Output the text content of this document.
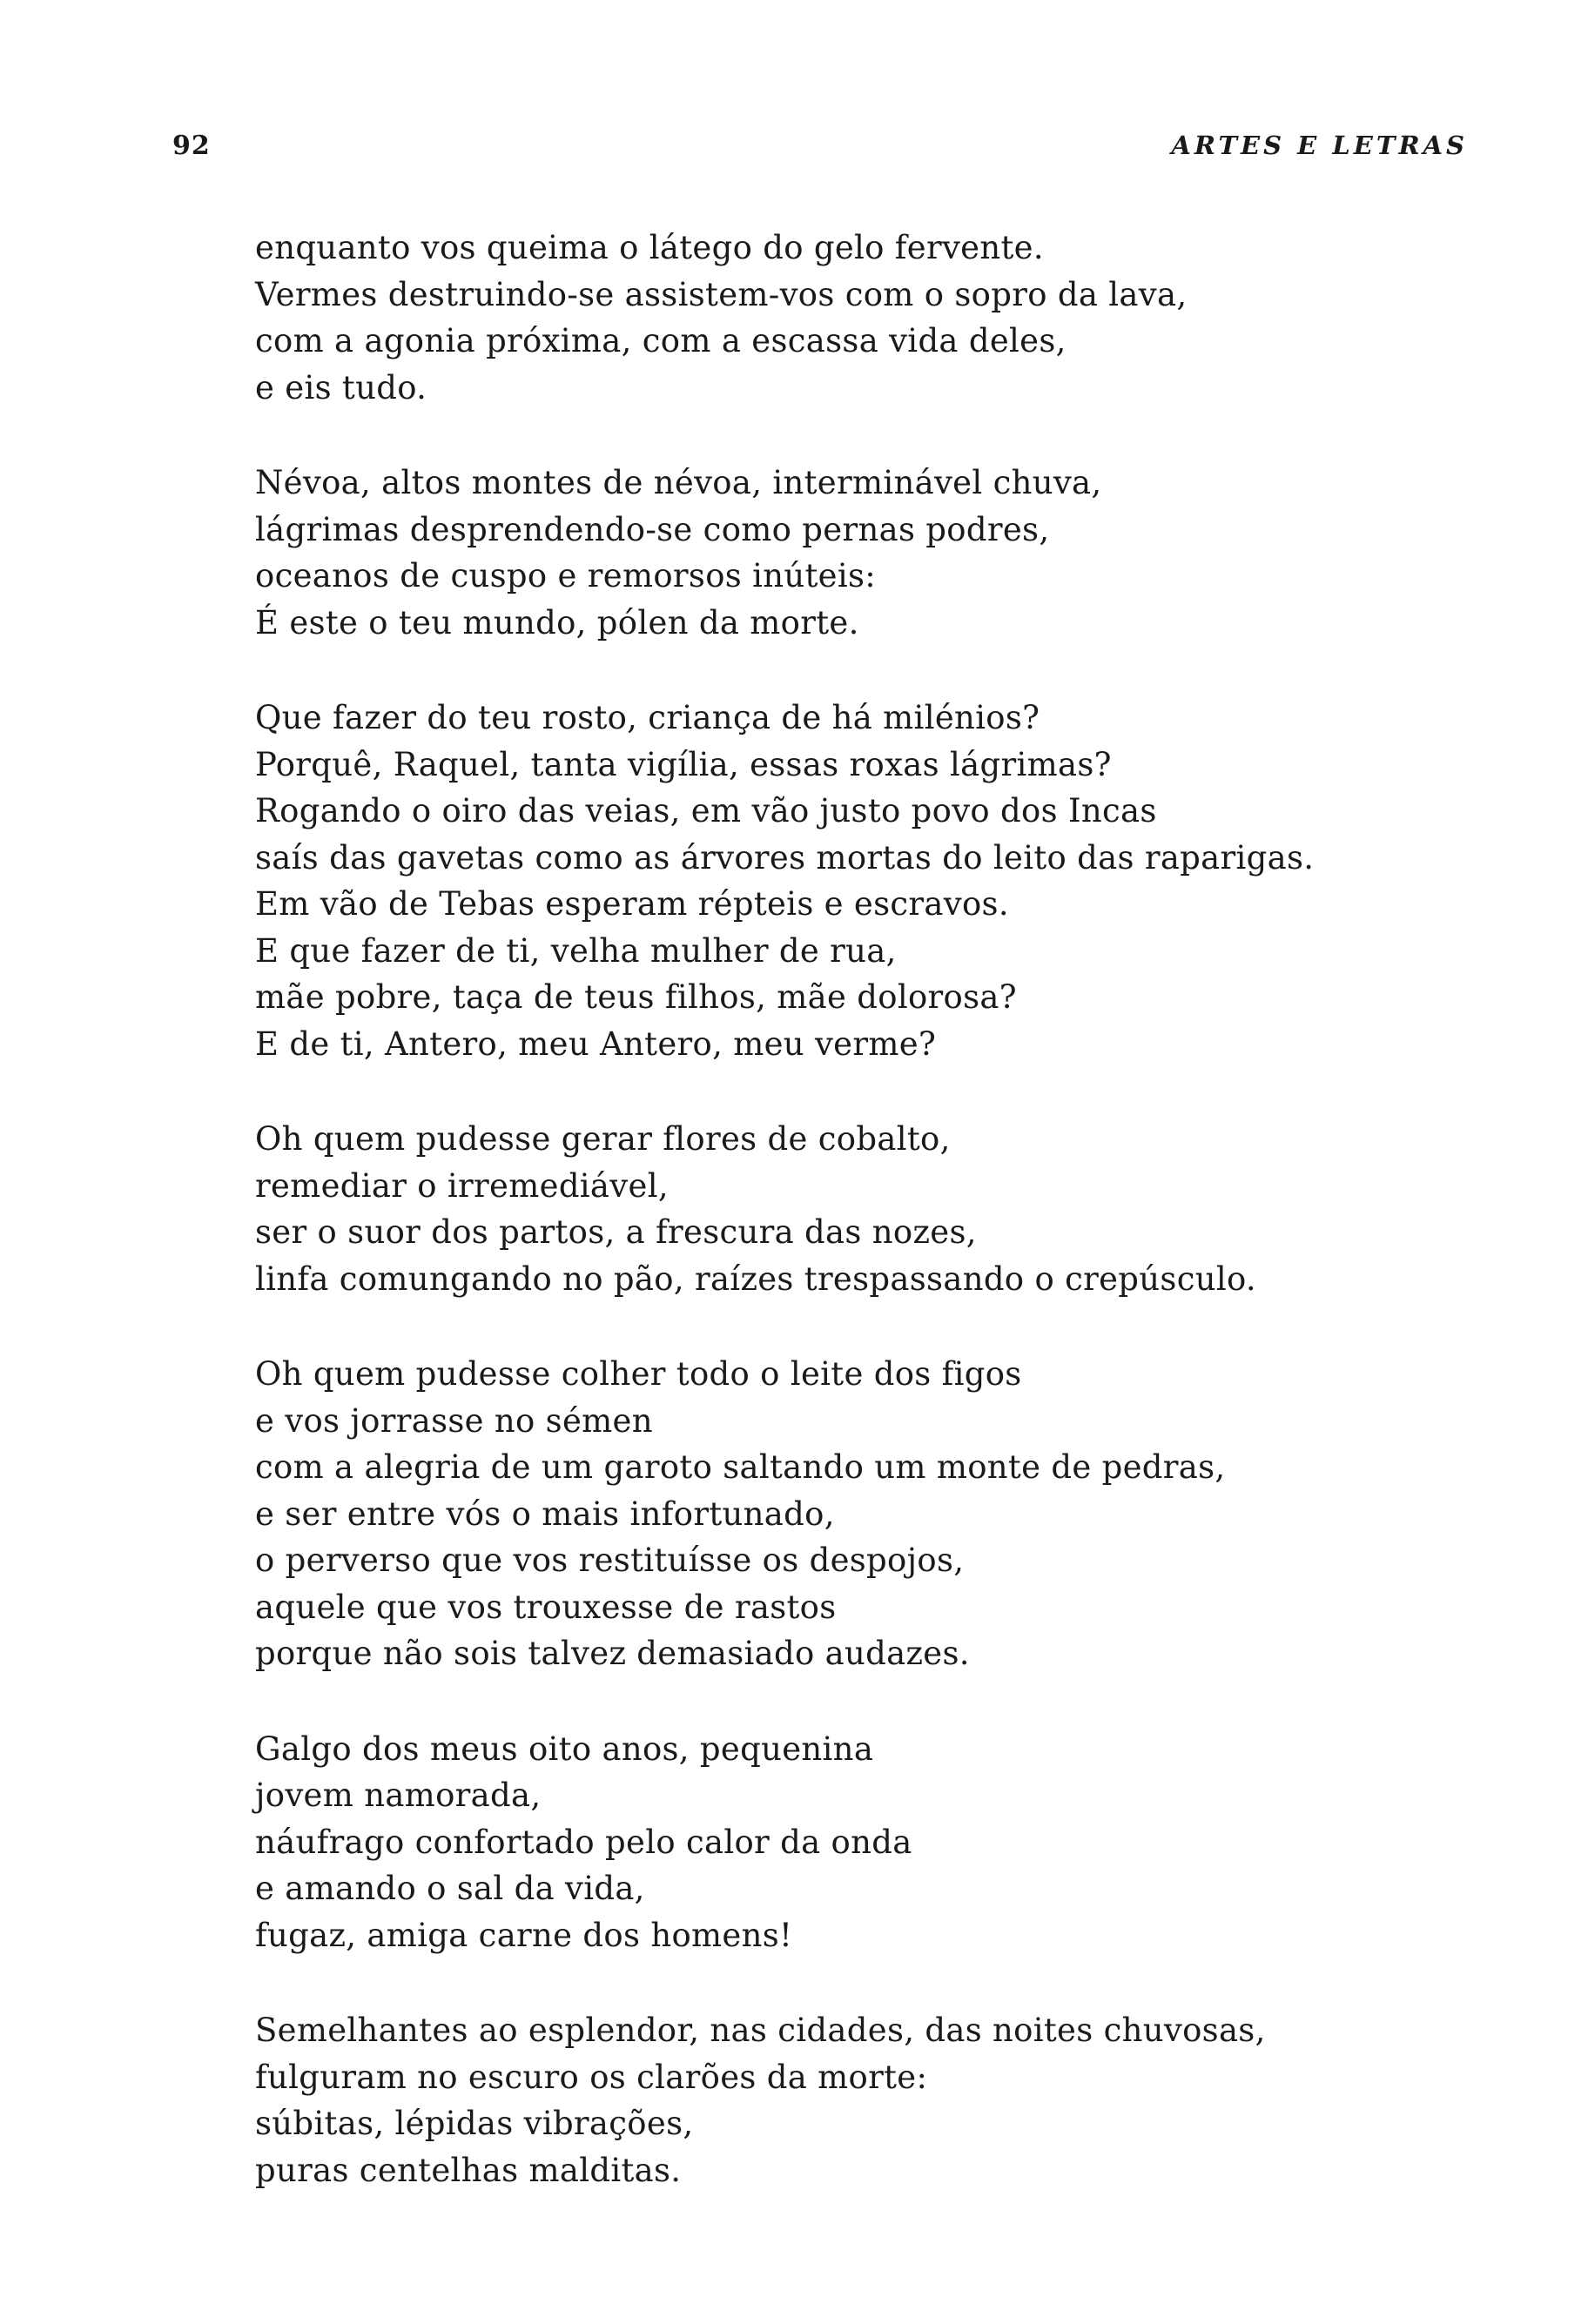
92	ARTES E LETRAS
enquanto vos queima o látego do gelo fervente.
Vermes destruindo-se assistem-vos com o sopro da lava,
com a agonia próxima, com a escassa vida deles,
e eis tudo.
Névoa, altos montes de névoa, interminável chuva,
lágrimas desprendendo-se como pernas podres,
oceanos de cuspo e remorsos inúteis:
É este o teu mundo, pólen da morte.
Que fazer do teu rosto, criança de há milénios?
Porquê, Raquel, tanta vigília, essas roxas lágrimas?
Rogando o oiro das veias, em vão justo povo dos Incas
saís das gavetas como as árvores mortas do leito das raparigas.
Em vão de Tebas esperam répteis e escravos.
E que fazer de ti, velha mulher de rua,
mãe pobre, taça de teus filhos, mãe dolorosa?
E de ti, Antero, meu Antero, meu verme?
Oh quem pudesse gerar flores de cobalto,
remediar o irremediável,
ser o suor dos partos, a frescura das nozes,
linfa comungando no pão, raízes trespassando o crepúsculo.
Oh quem pudesse colher todo o leite dos figos
e vos jorrasse no sémen
com a alegria de um garoto saltando um monte de pedras,
e ser entre vós o mais infortunado,
o perverso que vos restituísse os despojos,
aquele que vos trouxesse de rastos
porque não sois talvez demasiado audazes.
Galgo dos meus oito anos, pequenina
jovem namorada,
náufrago confortado pelo calor da onda
e amando o sal da vida,
fugaz, amiga carne dos homens!
Semelhantes ao esplendor, nas cidades, das noites chuvosas,
fulguram no escuro os clarões da morte:
súbitas, lépidas vibrações,
puras centelhas malditas.
